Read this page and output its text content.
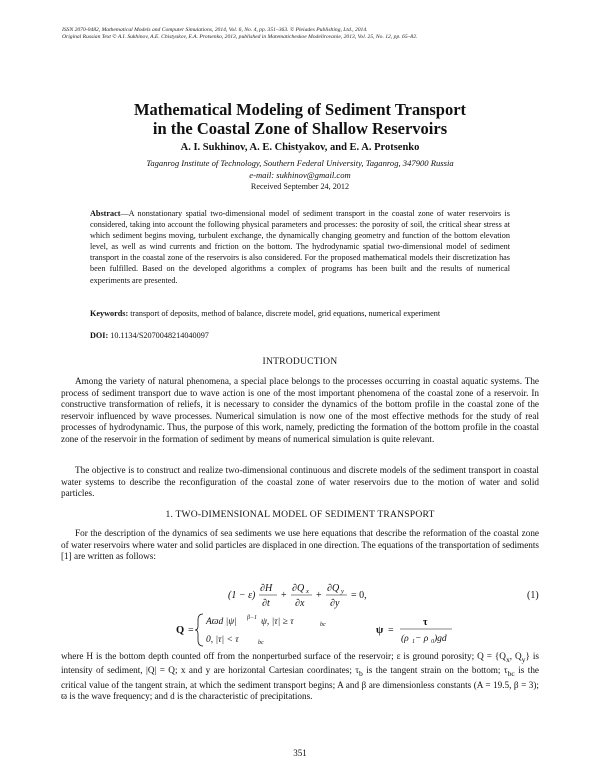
ISSN 2070-0482, Mathematical Models and Computer Simulations, 2014, Vol. 6, No. 4, pp. 351–363. © Pleiades Publishing, Ltd., 2014.
Original Russian Text © A.I. Sukhinov, A.E. Chistyakov, E.A. Protsenko, 2013, published in Matematicheskoe Modelirovanie, 2013, Vol. 25, No. 12, pp. 65–82.
Mathematical Modeling of Sediment Transport
in the Coastal Zone of Shallow Reservoirs
A. I. Sukhinov, A. E. Chistyakov, and E. A. Protsenko
Taganrog Institute of Technology, Southern Federal University, Taganrog, 347900 Russia
e-mail: sukhinov@gmail.com
Received September 24, 2012
Abstract—A nonstationary spatial two-dimensional model of sediment transport in the coastal zone of water reservoirs is considered, taking into account the following physical parameters and processes: the porosity of soil, the critical shear stress at which sediment begins moving, turbulent exchange, the dynamically changing geometry and function of the bottom elevation level, as well as wind currents and friction on the bottom. The hydrodynamic spatial two-dimensional model of sediment transport in the coastal zone of the reservoirs is also considered. For the proposed mathematical models their discretization has been fulfilled. Based on the developed algorithms a complex of programs has been built and the results of numerical experiments are presented.
Keywords: transport of deposits, method of balance, discrete model, grid equations, numerical experiment
DOI: 10.1134/S2070048214040097
INTRODUCTION
Among the variety of natural phenomena, a special place belongs to the processes occurring in coastal aquatic systems. The process of sediment transport due to wave action is one of the most important phenomena of the coastal zone of a reservoir. In constructive transformation of reliefs, it is necessary to consider the dynamics of the bottom profile in the coastal zone of the reservoir influenced by wave processes. Numerical simulation is now one of the most effective methods for the study of real processes of hydrodynamic. Thus, the purpose of this work, namely, predicting the formation of the bottom profile in the coastal zone of the reservoir in the formation of sediment by means of numerical simulation is quite relevant.
The objective is to construct and realize two-dimensional continuous and discrete models of the sediment transport in coastal water systems to describe the reconfiguration of the coastal zone of water reservoirs due to the motion of water and solid particles.
1. TWO-DIMENSIONAL MODEL OF SEDIMENT TRANSPORT
For the description of the dynamics of sea sediments we use here equations that describe the reformation of the coastal zone of water reservoirs where water and solid particles are displaced in one direction. The equations of the transportation of sediments [1] are written as follows:
(1 − ε)
∂H
∂t
+
∂Q x
∂x
+
∂Q y
∂y
= 0,	(1)
Q =
Aϖd |ψ| β−1 ψ, |τ| ≥ τ	bc
0, |τ| < τ	bc
ψ =
τ
(ρ 1 − ρ 0 )gd
where H is the bottom depth counted off from the nonperturbed surface of the reservoir; ε is ground porosity; $Q = \{Q_x$, $Q_y$} is intensity of sediment, |Q| = Q; x and y are horizontal Cartesian coordinates; $\tau_b$ is the tangent strain on the bottom; $\tau_{bc}$ is the critical value of the tangent strain, at which the sediment transport begins; A and β are dimensionless constants (A = 19.5, β = 3); ϖ is the wave frequency; and d is the characteristic of precipitations.
351
